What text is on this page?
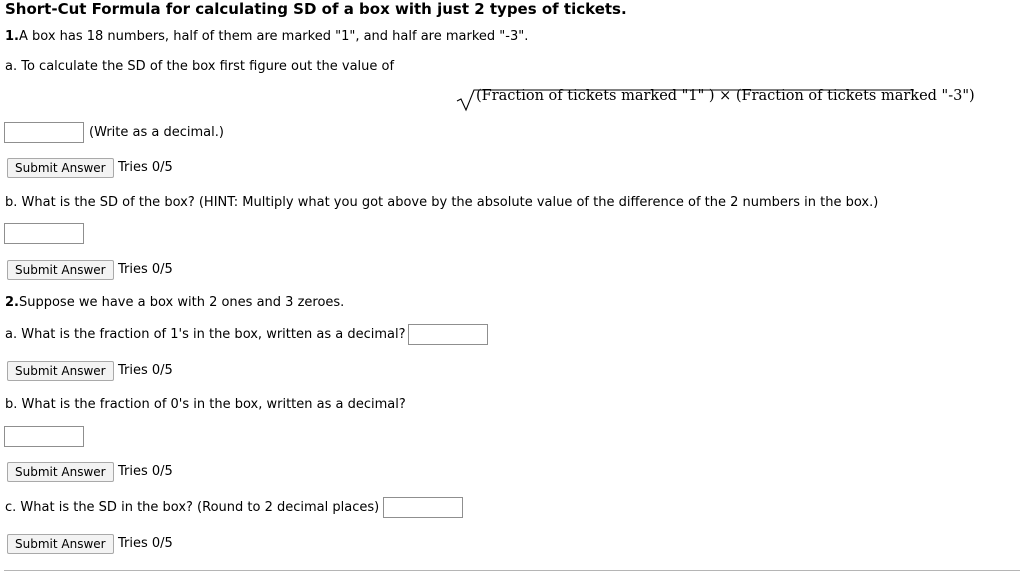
Short-Cut Formula for calculating SD of a box with just 2 types of tickets.
1.A box has 18 numbers, half of them are marked "1", and half are marked "-3".
a. To calculate the SD of the box first figure out the value of
(Fraction of tickets marked "1" ) × (Fraction of tickets marked "-3")
(Write as a decimal.)
Submit Answer Tries 0/5
b. What is the SD of the box? (HINT: Multiply what you got above by the absolute value of the difference of the 2 numbers in the box.)
Submit Answer Tries 0/5
2.Suppose we have a box with 2 ones and 3 zeroes.
a. What is the fraction of 1's in the box, written as a decimal?
Submit Answer Tries 0/5
b. What is the fraction of 0's in the box, written as a decimal?
Submit Answer Tries 0/5
c. What is the SD in the box? (Round to 2 decimal places)
Submit Answer Tries 0/5
